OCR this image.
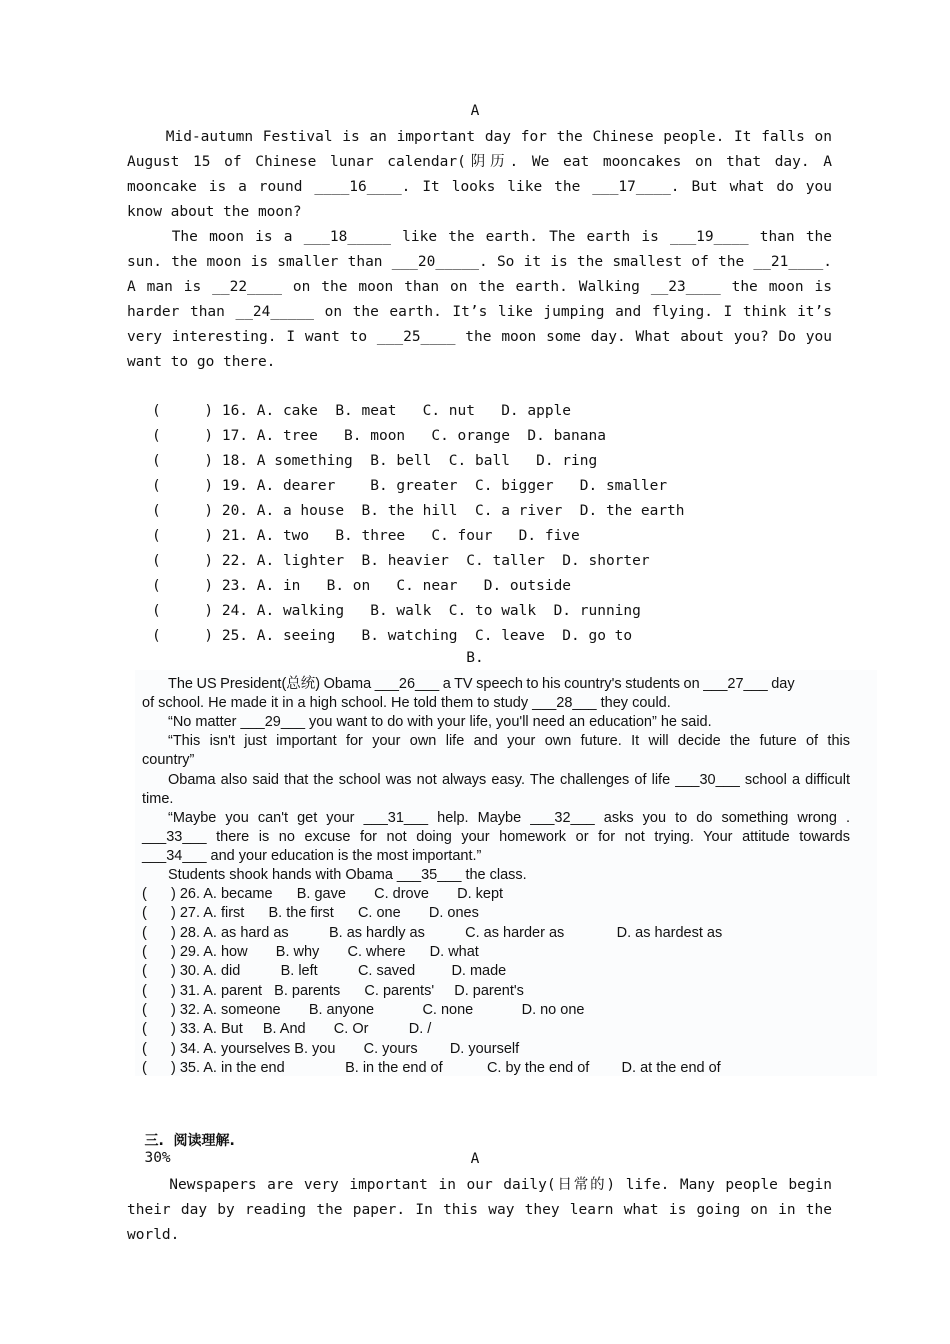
A
Mid-autumn Festival is an important day for the Chinese people. It falls on August 15 of Chinese lunar calendar(阴历. We eat mooncakes on that day. A mooncake is a round ____16____. It looks like the ___17____. But what do you know about the moon?
The moon is a ___18_____ like the earth. The earth is ___19____ than the sun. the moon is smaller than ___20_____. So it is the smallest of the __21____.  A man is __22____ on the moon than on the earth. Walking __23____ the moon is harder than __24_____ on the earth. It’s like jumping and flying. I think it’s very interesting. I want to ___25____ the moon some day. What about you? Do you want to go there.
(     ) 16. A. cake  B. meat   C. nut   D. apple
(     ) 17. A. tree   B. moon   C. orange  D. banana
(     ) 18. A something  B. bell  C. ball   D. ring
(     ) 19. A. dearer    B. greater  C. bigger   D. smaller
(     ) 20. A. a house  B. the hill  C. a river  D. the earth
(     ) 21. A. two   B. three   C. four   D. five
(     ) 22. A. lighter  B. heavier  C. taller  D. shorter
(     ) 23. A. in   B. on   C. near   D. outside
(     ) 24. A. walking   B. walk  C. to walk  D. running
(     ) 25. A. seeing   B. watching  C. leave  D. go to
B.
The US President(总统) Obama ___26___ a TV speech to his country's students on ___27___ day
of school. He made it in a high school. He told them to study ___28___ they could.
“No matter ___29___ you want to do with your life, you'll need an education” he said.
“This isn't just important for your own life and your own future. It will decide the future of this
country”
Obama also said that the school was not always easy. The challenges of life ___30___ school a difficult
time.
“Maybe you can't get your ___31___ help. Maybe ___32___ asks you to do something wrong .
___33___ there is no excuse for not doing your homework or for not trying. Your attitude towards
___34___ and your education is the most important.”
Students shook hands with Obama ___35___ the class.
(      ) 26. A. became      B. gave       C. drove       D. kept
(      ) 27. A. first      B. the first      C. one       D. ones
(      ) 28. A. as hard as          B. as hardly as          C. as harder as             D. as hardest as
(      ) 29. A. how       B. why       C. where      D. what
(      ) 30. A. did          B. left          C. saved         D. made
(      ) 31. A. parent   B. parents      C. parents'     D. parent's
(      ) 32. A. someone       B. anyone            C. none            D. no one
(      ) 33. A. But     B. And       C. Or          D. /
(      ) 34. A. yourselves B. you       C. yours        D. yourself
(      ) 35. A. in the end               B. in the end of           C. by the end of        D. at the end of

三.  阅读理解.
30%	A
Newspapers are very important in our daily(日常的) life. Many people begin their day by reading the paper. In this way they learn what is going on in the world.
